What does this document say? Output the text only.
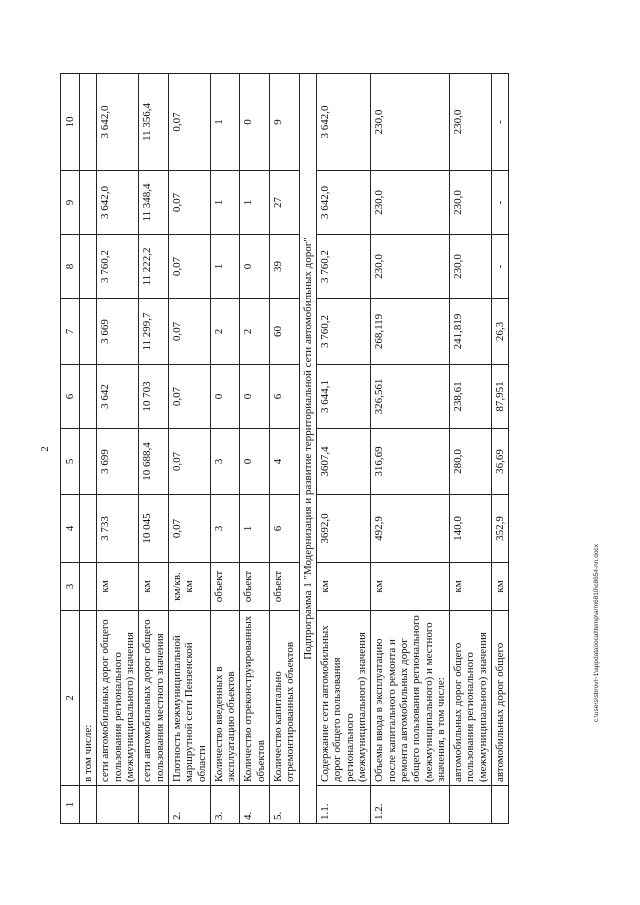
2
1	2	3	4	5	6	7	8	9	10
	в том числе:								
	сети автомобильных дорог общего пользования регионального (межмуниципального) значения	км	3 733	3 699	3 642	3 669	3 760,2	3 642,0	3 642,0
	сети автомобильных дорог общего пользования местного значения	км	10 045	10 688,4	10 703	11 299,7	11 222,2	11 348,4	11 356,4
2.	Плотность межмуниципальной маршрутной сети Пензенской области	км/кв. км	0,07	0,07	0,07	0,07	0,07	0,07	0,07
3.	Количество введенных в эксплуатацию объектов	объект	3	3	0	2	1	1	1
4.	Количество отреконструированных объектов	объект	1	0	0	2	0	1	0
5.	Количество капитально отремонтированных объектов	объект	6	4	6	60	39	27	9
Подпрограмма 1 "Модернизация и развитие территориальной сети автомобильных дорог"									
1.1.	Содержание сети автомобильных дорог общего пользования регионального (межмуниципального) значения	км	3692,0	3607,4	3 644,1	3 760,2	3 760,2	3 642,0	3 642,0
1.2.	Объемы ввода в эксплуатацию после капитального ремонта и ремонта автомобильных дорог общего пользования регионального (межмуниципального) и местного значения, в том числе:	км	492,9	316,69	326,561	268,119	230,0	230,0	230,0
	автомобильных дорог общего пользования регионального (межмуниципального) значения	км	140,0	280,0	238,61	241,819	230,0	230,0	230,0
	автомобильных дорог общего	км	352,9	36,69	87,951	26,3	-	-	-
c:\users\sbrovl~1\appdata\local\temp\arm6810\c8654-nn.docx
